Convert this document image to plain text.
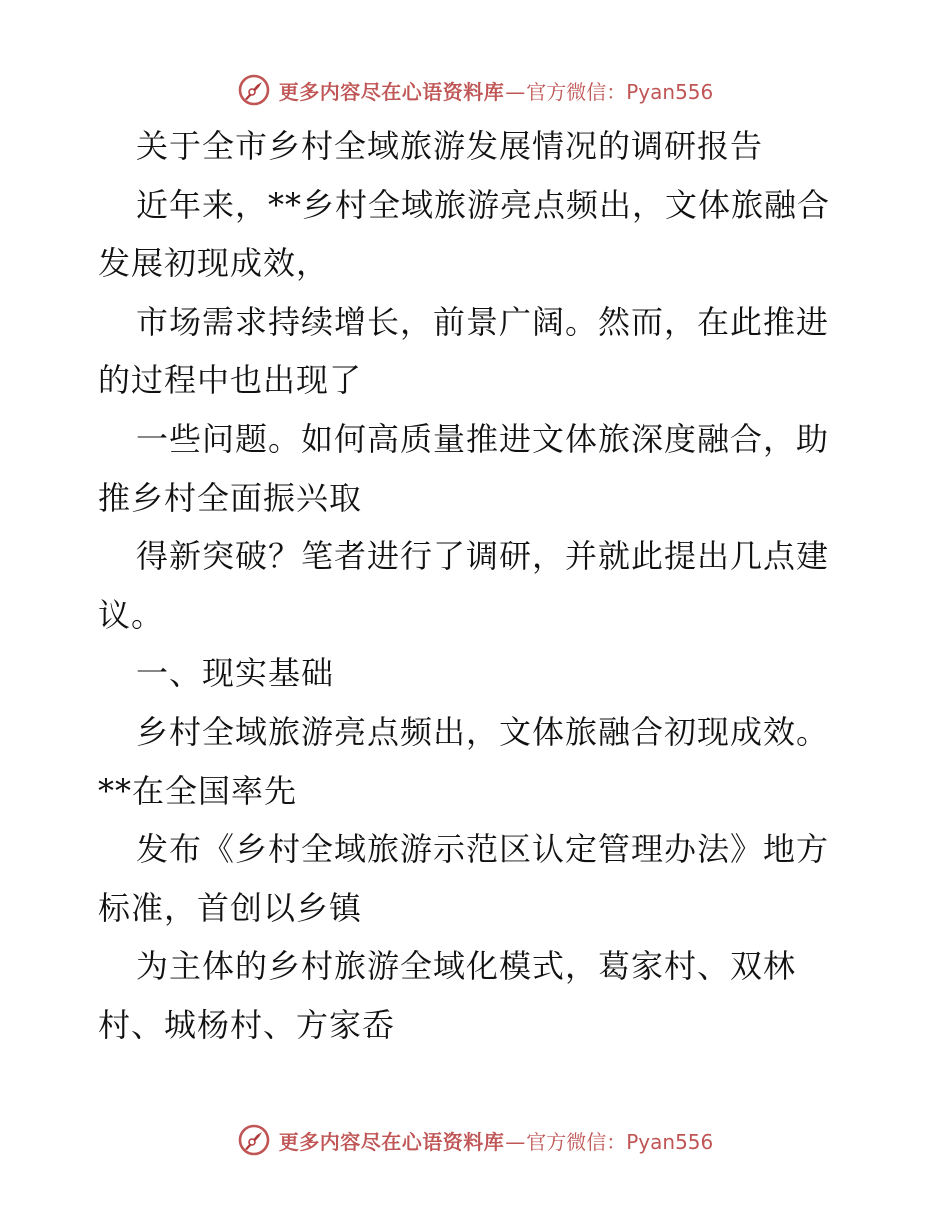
更多内容尽在心语资料库 — 官方微信： Pyan556
关于全市乡村全域旅游发展情况的调研报告
近年来，**乡村全域旅游亮点频出，文体旅融合
发展初现成效，
市场需求持续增长，前景广阔。然而，在此推进
的过程中也出现了
一些问题。如何高质量推进文体旅深度融合，助
推乡村全面振兴取
得新突破？笔者进行了调研，并就此提出几点建
议。
一、现实基础
乡村全域旅游亮点频出，文体旅融合初现成效。
**在全国率先
发布《乡村全域旅游示范区认定管理办法》地方
标准，首创以乡镇
为主体的乡村旅游全域化模式，葛家村、双林
村、城杨村、方家岙
更多内容尽在心语资料库 — 官方微信： Pyan556
